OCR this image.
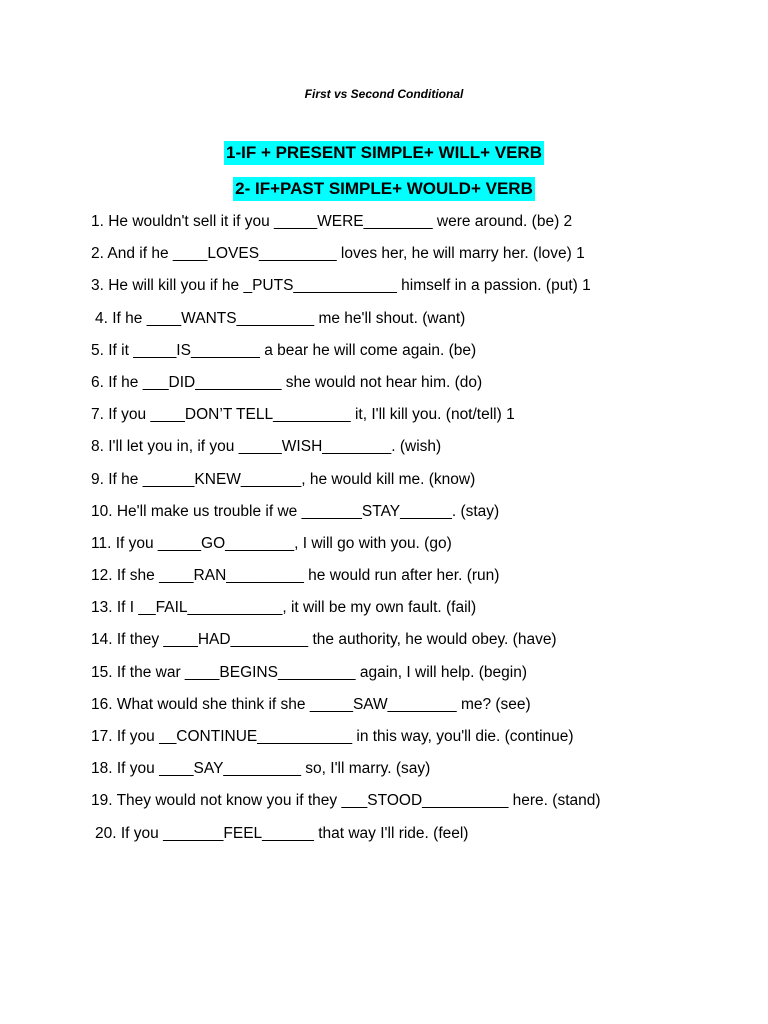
First vs Second Conditional
1-IF + PRESENT SIMPLE+ WILL+ VERB
2- IF+PAST SIMPLE+ WOULD+ VERB
1. He wouldn't sell it if you _____WERE________ were around. (be) 2
2. And if he ____LOVES_________ loves her, he will marry her. (love) 1
3. He will kill you if he _PUTS____________ himself in a passion. (put) 1
4. If he ____WANTS_________ me he'll shout. (want)
5. If it _____IS________ a bear he will come again. (be)
6. If he ___DID__________ she would not hear him. (do)
7. If you ____DON’T TELL_________ it, I'll kill you. (not/tell) 1
8. I'll let you in, if you _____WISH________. (wish)
9. If he ______KNEW_______, he would kill me. (know)
10. He'll make us trouble if we _______STAY______. (stay)
11. If you _____GO________, I will go with you. (go)
12. If she ____RAN_________ he would run after her. (run)
13. If I __FAIL___________, it will be my own fault. (fail)
14. If they ____HAD_________ the authority, he would obey. (have)
15. If the war ____BEGINS_________ again, I will help. (begin)
16. What would she think if she _____SAW________ me? (see)
17. If you __CONTINUE___________ in this way, you'll die. (continue)
18. If you ____SAY_________ so, I'll marry. (say)
19. They would not know you if they ___STOOD__________ here. (stand)
20. If you _______FEEL______ that way I'll ride. (feel)
